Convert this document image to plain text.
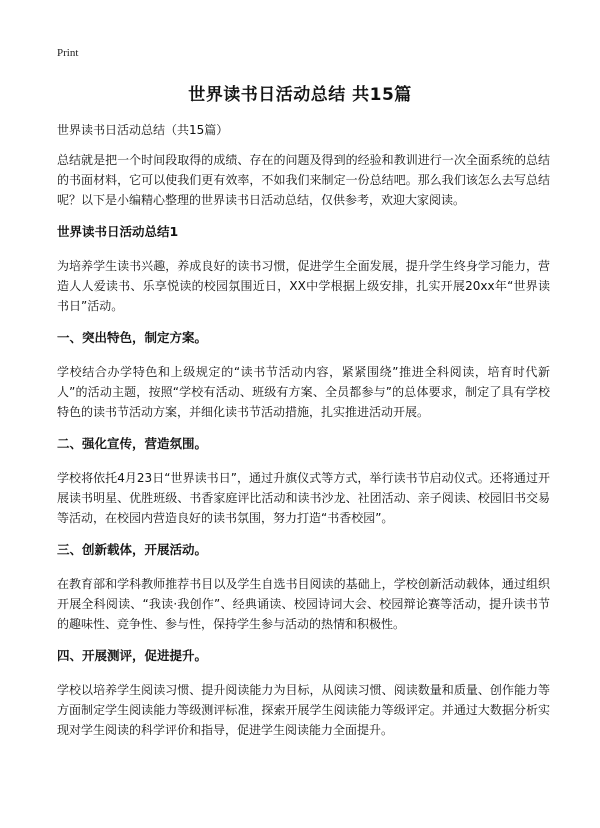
Print
世界读书日活动总结 共15篇

世界读书日活动总结（共15篇）

总结就是把一个时间段取得的成绩、存在的问题及得到的经验和教训进行一次全面系统的总结的书面材料，它可以使我们更有效率，不如我们来制定一份总结吧。那么我们该怎么去写总结呢？以下是小编精心整理的世界读书日活动总结，仅供参考，欢迎大家阅读。

世界读书日活动总结1

为培养学生读书兴趣，养成良好的读书习惯，促进学生全面发展，提升学生终身学习能力，营造人人爱读书、乐享悦读的校园氛围近日，XX中学根据上级安排，扎实开展20xx年“世界读书日”活动。

一、突出特色，制定方案。

学校结合办学特色和上级规定的“读书节活动内容，紧紧围绕”推进全科阅读，培育时代新人”的活动主题，按照“学校有活动、班级有方案、全员都参与”的总体要求，制定了具有学校特色的读书节活动方案，并细化读书节活动措施，扎实推进活动开展。

二、强化宣传，营造氛围。

学校将依托4月23日“世界读书日”，通过升旗仪式等方式，举行读书节启动仪式。还将通过开展读书明星、优胜班级、书香家庭评比活动和读书沙龙、社团活动、亲子阅读、校园旧书交易等活动，在校园内营造良好的读书氛围，努力打造“书香校园”。

三、创新载体，开展活动。

在教育部和学科教师推荐书目以及学生自选书目阅读的基础上，学校创新活动载体，通过组织开展全科阅读、“我读·我创作”、经典诵读、校园诗词大会、校园辩论赛等活动，提升读书节的趣味性、竞争性、参与性，保持学生参与活动的热情和积极性。

四、开展测评，促进提升。

学校以培养学生阅读习惯、提升阅读能力为目标，从阅读习惯、阅读数量和质量、创作能力等方面制定学生阅读能力等级测评标准，探索开展学生阅读能力等级评定。并通过大数据分析实现对学生阅读的科学评价和指导，促进学生阅读能力全面提升。
